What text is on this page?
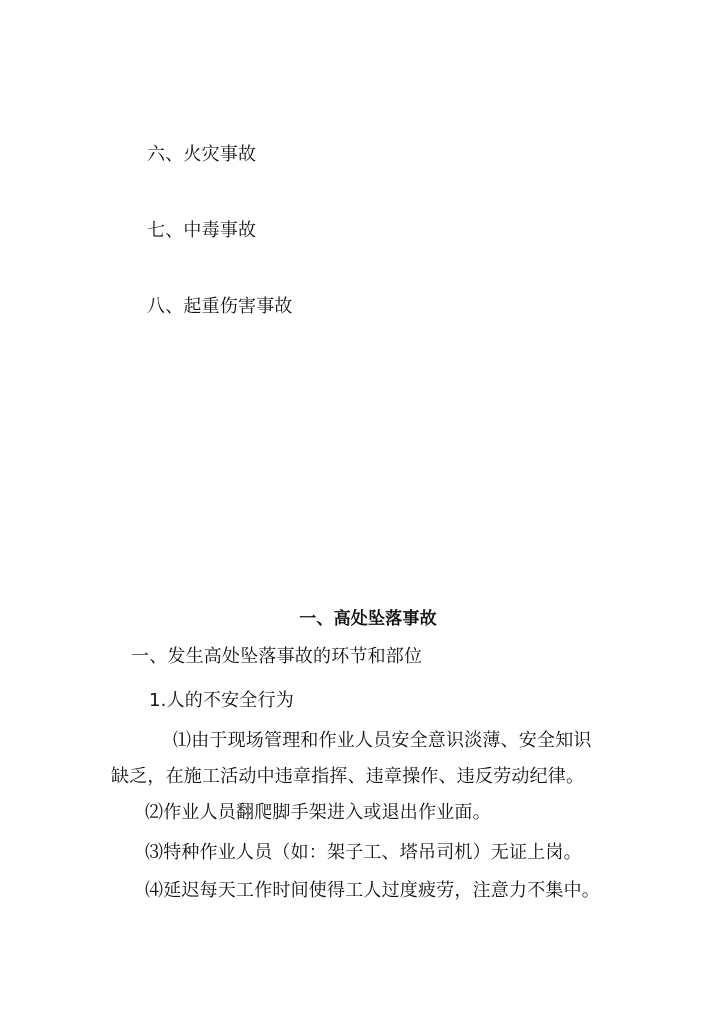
六、火灾事故
七、中毒事故
八、起重伤害事故
一、高处坠落事故
一、发生高处坠落事故的环节和部位
1.人的不安全行为
⑴由于现场管理和作业人员安全意识淡薄、安全知识
缺乏，在施工活动中违章指挥、违章操作、违反劳动纪律。
⑵作业人员翻爬脚手架进入或退出作业面。
⑶特种作业人员（如：架子工、塔吊司机）无证上岗。
⑷延迟每天工作时间使得工人过度疲劳，注意力不集中。
